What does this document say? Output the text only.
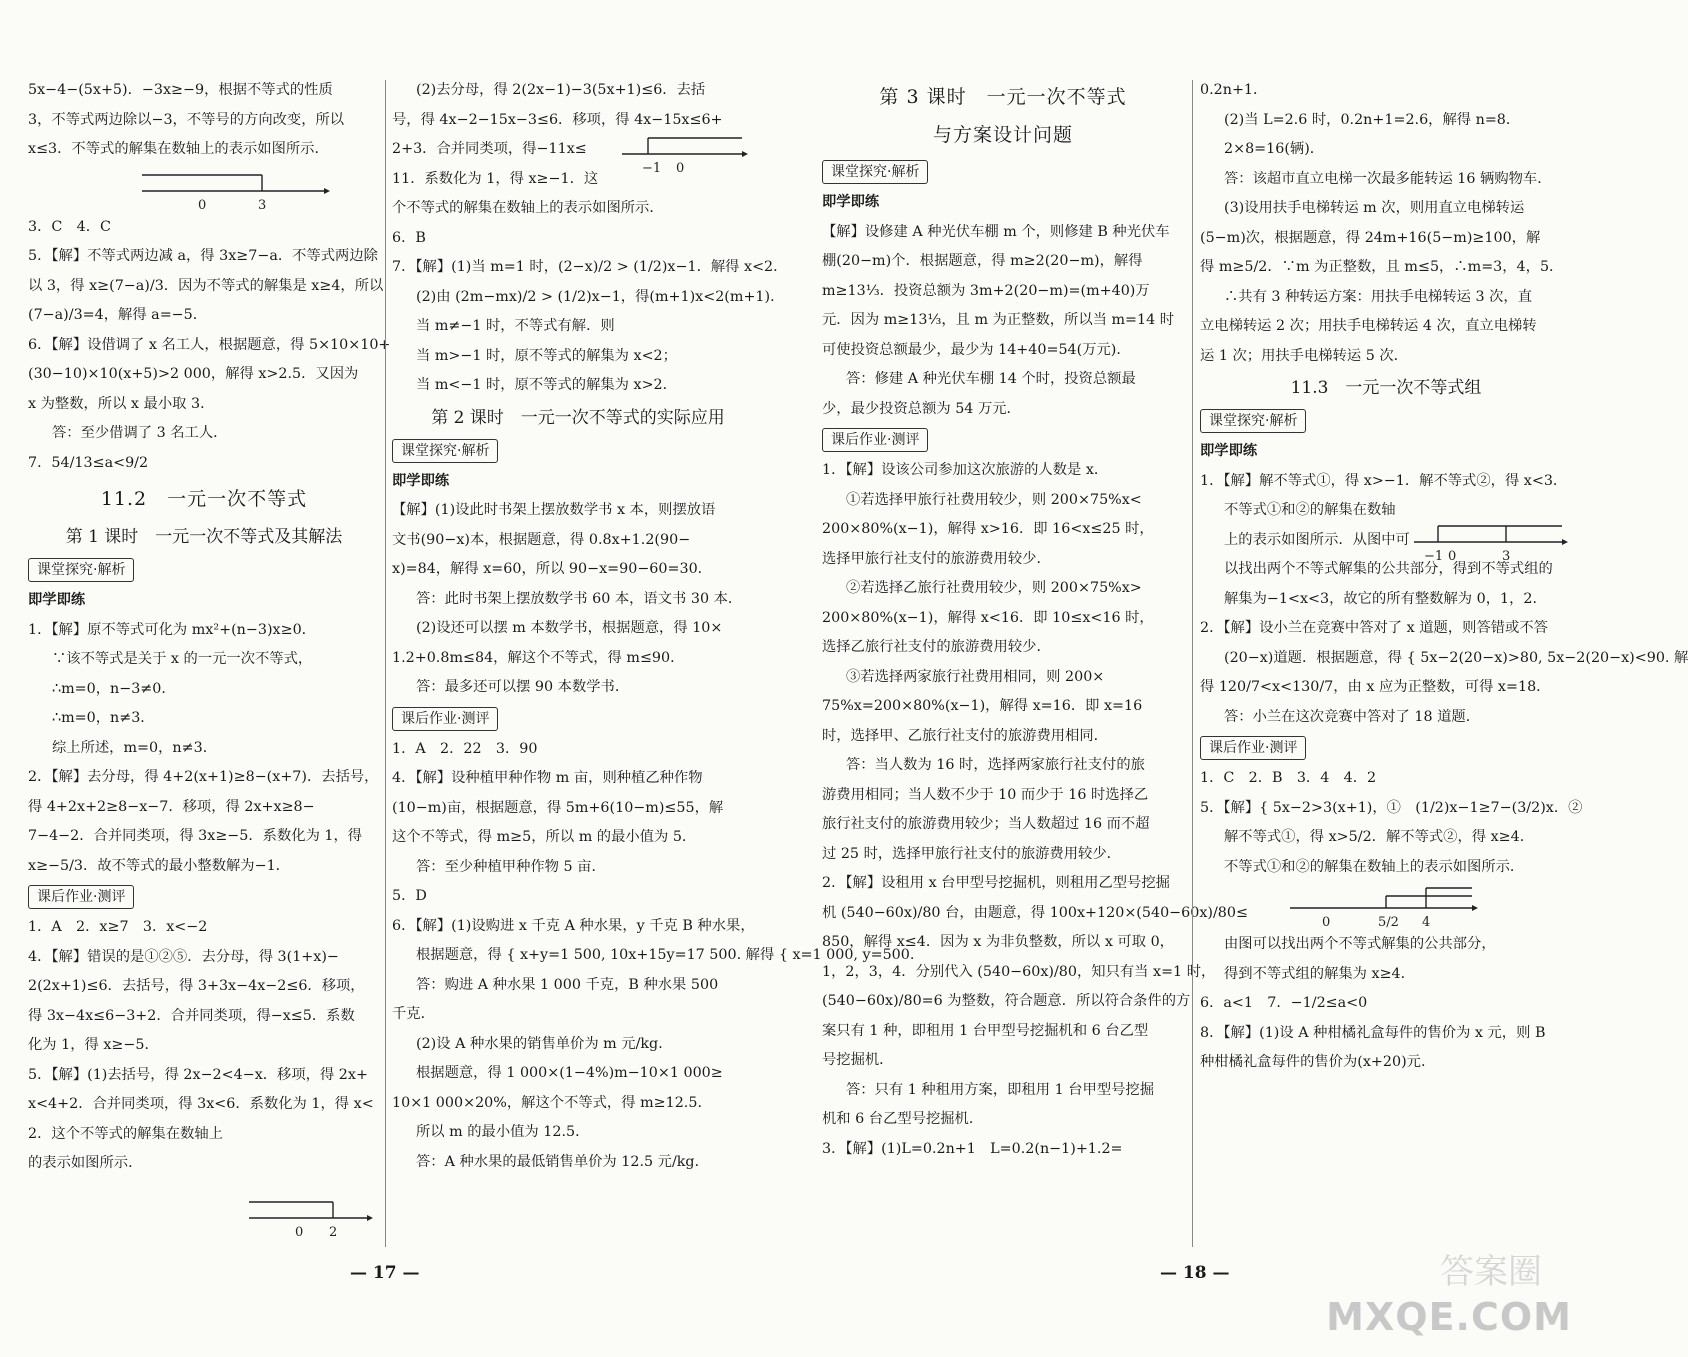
5x−4−(5x+5)．−3x≥−9，根据不等式的性质

3，不等式两边除以−3，不等号的方向改变，所以

x≤3．不等式的解集在数轴上的表示如图所示．

0	3

3．C　4．C

5．【解】不等式两边减 a，得 3x≥7−a．不等式两边除

以 3，得 x≥(7−a)/3．因为不等式的解集是 x≥4，所以

(7−a)/3=4，解得 a=−5．

6．【解】设借调了 x 名工人，根据题意，得 5×10×10+

(30−10)×10(x+5)>2 000，解得 x>2.5．又因为

x 为整数，所以 x 最小取 3．

答：至少借调了 3 名工人．

7．54/13≤a<9/2

11.2　一元一次不等式

第 1 课时　一元一次不等式及其解法

课堂探究·解析

即学即练

1．【解】原不等式可化为 mx²+(n−3)x≥0．

∵该不等式是关于 x 的一元一次不等式，

∴m=0，n−3≠0．

∴m=0，n≠3．

综上所述，m=0，n≠3．

2．【解】去分母，得 4+2(x+1)≥8−(x+7)．去括号，

得 4+2x+2≥8−x−7．移项，得 2x+x≥8−

7−4−2．合并同类项，得 3x≥−5．系数化为 1，得

x≥−5/3．故不等式的最小整数解为−1．

课后作业·测评

1．A　2．x≥7　3．x<−2

4．【解】错误的是①②⑤．去分母，得 3(1+x)−

2(2x+1)≤6．去括号，得 3+3x−4x−2≤6．移项，

得 3x−4x≤6−3+2．合并同类项，得−x≤5．系数

化为 1，得 x≥−5．

5．【解】(1)去括号，得 2x−2<4−x．移项，得 2x+

x<4+2．合并同类项，得 3x<6．系数化为 1，得 x<

2．这个不等式的解集在数轴上

的表示如图所示．

(2)去分母，得 2(2x−1)−3(5x+1)≤6．去括

号，得 4x−2−15x−3≤6．移项，得 4x−15x≤6+

2+3．合并同类项，得−11x≤

11．系数化为 1，得 x≥−1．这

个不等式的解集在数轴上的表示如图所示．

6．B

7．【解】(1)当 m=1 时，(2−x)/2 > (1/2)x−1．解得 x<2．

(2)由 (2m−mx)/2 > (1/2)x−1，得(m+1)x<2(m+1)．

当 m≠−1 时，不等式有解．则

当 m>−1 时，原不等式的解集为 x<2；

当 m<−1 时，原不等式的解集为 x>2．

第 2 课时　一元一次不等式的实际应用

课堂探究·解析

即学即练

【解】(1)设此时书架上摆放数学书 x 本，则摆放语

文书(90−x)本，根据题意，得 0.8x+1.2(90−

x)=84，解得 x=60，所以 90−x=90−60=30．

答：此时书架上摆放数学书 60 本，语文书 30 本．

(2)设还可以摆 m 本数学书，根据题意，得 10×

1.2+0.8m≤84，解这个不等式，得 m≤90．

答：最多还可以摆 90 本数学书．

课后作业·测评

1．A　2．22　3．90

4．【解】设种植甲种作物 m 亩，则种植乙种作物

(10−m)亩，根据题意，得 5m+6(10−m)≤55，解

这个不等式，得 m≥5，所以 m 的最小值为 5．

答：至少种植甲种作物 5 亩．

5．D

6．【解】(1)设购进 x 千克 A 种水果，y 千克 B 种水果，

根据题意，得 { x+y=1 500, 10x+15y=17 500. 解得 { x=1 000, y=500.

答：购进 A 种水果 1 000 千克，B 种水果 500

千克．

(2)设 A 种水果的销售单价为 m 元/kg．

根据题意，得 1 000×(1−4%)m−10×1 000≥

10×1 000×20%，解这个不等式，得 m≥12.5．

所以 m 的最小值为 12.5．

答：A 种水果的最低销售单价为 12.5 元/kg．

— 17 —

第 3 课时　一元一次不等式

与方案设计问题

课堂探究·解析

即学即练

【解】设修建 A 种光伏车棚 m 个，则修建 B 种光伏车

棚(20−m)个．根据题意，得 m≥2(20−m)，解得

m≥13⅓．投资总额为 3m+2(20−m)=(m+40)万

元．因为 m≥13⅓，且 m 为正整数，所以当 m=14 时

可使投资总额最少，最少为 14+40=54(万元)．

答：修建 A 种光伏车棚 14 个时，投资总额最

少，最少投资总额为 54 万元．

课后作业·测评

1．【解】设该公司参加这次旅游的人数是 x．

①若选择甲旅行社费用较少，则 200×75%x<

200×80%(x−1)，解得 x>16．即 16<x≤25 时，

选择甲旅行社支付的旅游费用较少．

②若选择乙旅行社费用较少，则 200×75%x>

200×80%(x−1)，解得 x<16．即 10≤x<16 时，

选择乙旅行社支付的旅游费用较少．

③若选择两家旅行社费用相同，则 200×

75%x=200×80%(x−1)，解得 x=16．即 x=16

时，选择甲、乙旅行社支付的旅游费用相同．

答：当人数为 16 时，选择两家旅行社支付的旅

游费用相同；当人数不少于 10 而少于 16 时选择乙

旅行社支付的旅游费用较少；当人数超过 16 而不超

过 25 时，选择甲旅行社支付的旅游费用较少．

2．【解】设租用 x 台甲型号挖掘机，则租用乙型号挖掘

机 (540−60x)/80 台，由题意，得 100x+120×(540−60x)/80≤

850，解得 x≤4．因为 x 为非负整数，所以 x 可取 0，

1，2，3，4．分别代入 (540−60x)/80，知只有当 x=1 时，

(540−60x)/80=6 为整数，符合题意．所以符合条件的方

案只有 1 种，即租用 1 台甲型号挖掘机和 6 台乙型

号挖掘机．

答：只有 1 种租用方案，即租用 1 台甲型号挖掘

机和 6 台乙型号挖掘机．

3．【解】(1)L=0.2n+1　L=0.2(n−1)+1.2=

0.2n+1．

(2)当 L=2.6 时，0.2n+1=2.6，解得 n=8．

2×8=16(辆)．

答：该超市直立电梯一次最多能转运 16 辆购物车．

(3)设用扶手电梯转运 m 次，则用直立电梯转运

(5−m)次，根据题意，得 24m+16(5−m)≥100，解

得 m≥5/2．∵m 为正整数，且 m≤5，∴m=3，4，5．

∴共有 3 种转运方案：用扶手电梯转运 3 次，直

立电梯转运 2 次；用扶手电梯转运 4 次，直立电梯转

运 1 次；用扶手电梯转运 5 次．

11.3　一元一次不等式组

课堂探究·解析

即学即练

1．【解】解不等式①，得 x>−1．解不等式②，得 x<3．

不等式①和②的解集在数轴

上的表示如图所示．从图中可

以找出两个不等式解集的公共部分，得到不等式组的

解集为−1<x<3，故它的所有整数解为 0，1，2．

2．【解】设小兰在竞赛中答对了 x 道题，则答错或不答

(20−x)道题．根据题意，得 { 5x−2(20−x)>80, 5x−2(20−x)<90. 解

得 120/7<x<130/7，由 x 应为正整数，可得 x=18．

答：小兰在这次竞赛中答对了 18 道题．

课后作业·测评

1．C　2．B　3．4　4．2

5．【解】{ 5x−2>3(x+1)，①　(1/2)x−1≥7−(3/2)x．②

解不等式①，得 x>5/2．解不等式②，得 x≥4．

不等式①和②的解集在数轴上的表示如图所示．

0	5/2 4

由图可以找出两个不等式解集的公共部分，

得到不等式组的解集为 x≥4．

6．a<1　7．−1/2≤a<0

8．【解】(1)设 A 种柑橘礼盒每件的售价为 x 元，则 B

种柑橘礼盒每件的售价为(x+20)元．

— 18 —
−1 0
0 2
−1 0	3
答案圈
MXQE.COM
